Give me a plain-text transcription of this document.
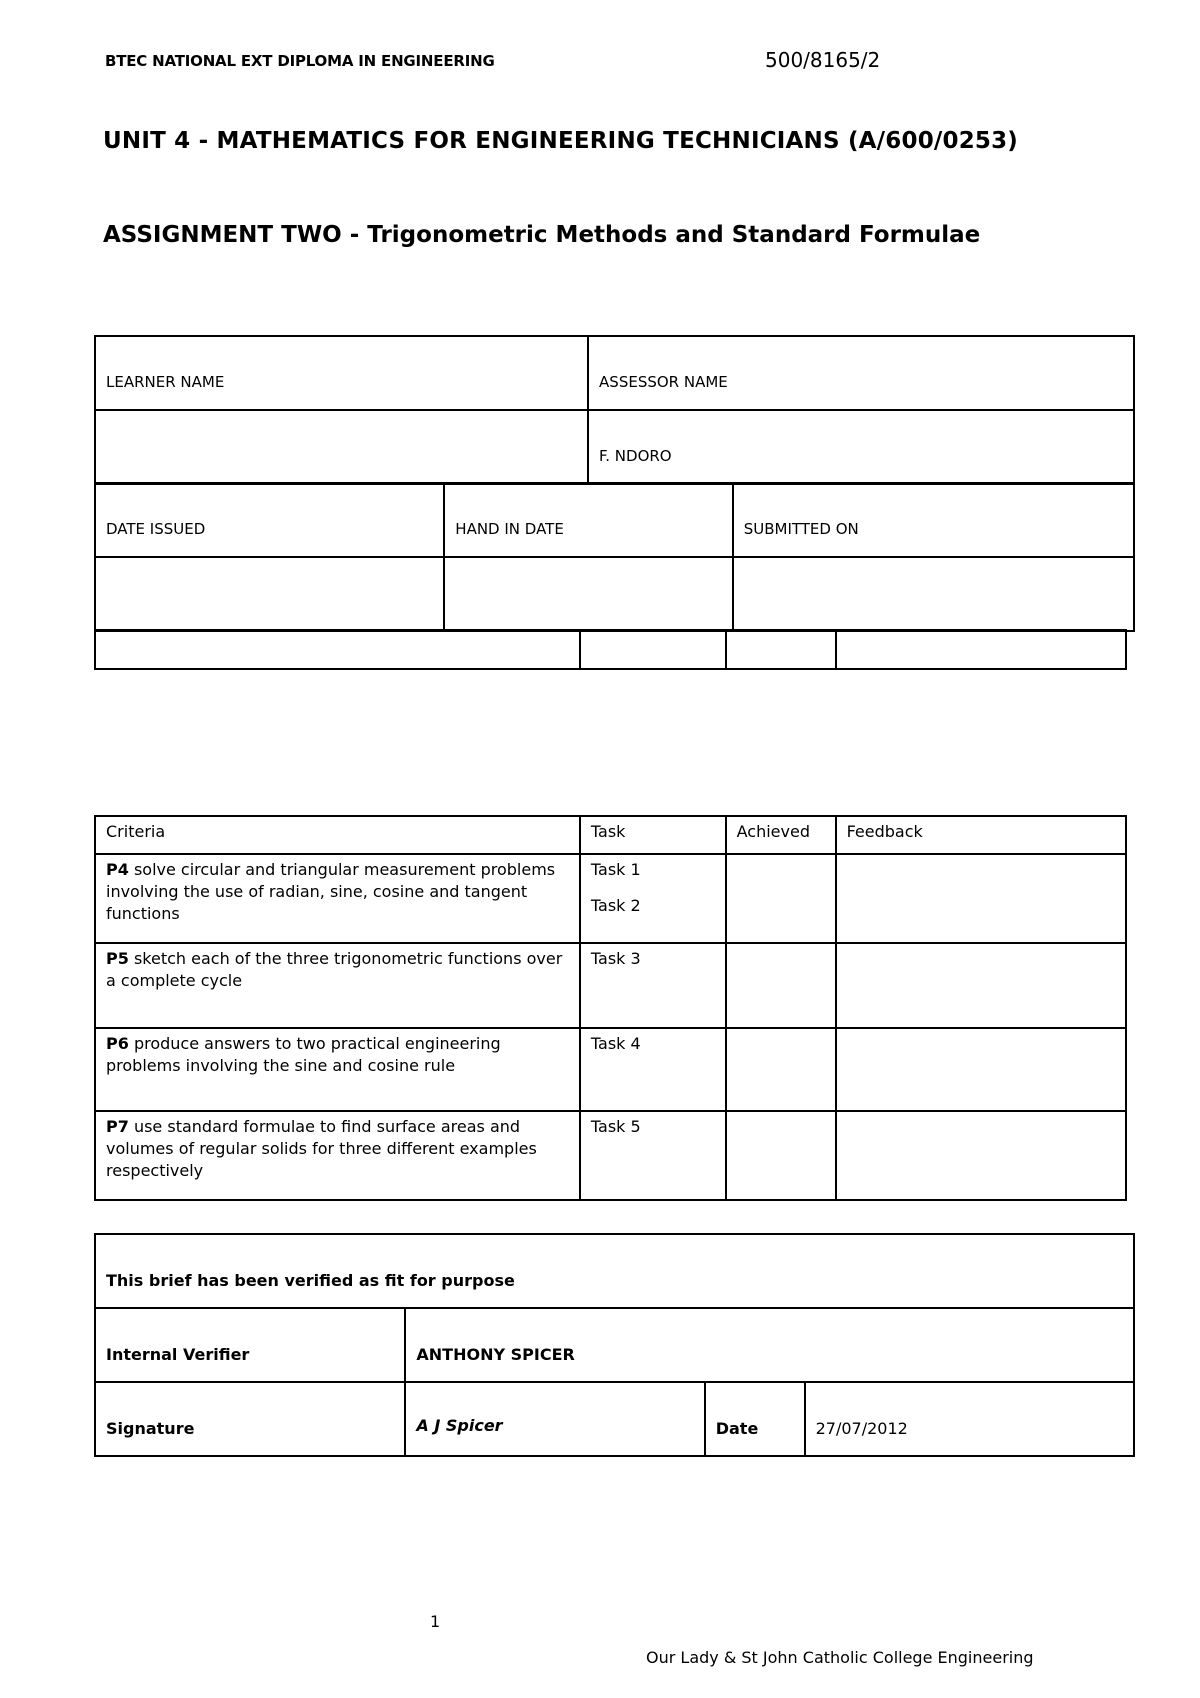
BTEC NATIONAL EXT DIPLOMA IN ENGINEERING	500/8165/2
UNIT 4 - MATHEMATICS FOR ENGINEERING TECHNICIANS (A/600/0253)
ASSIGNMENT TWO - Trigonometric Methods and Standard Formulae
LEARNER NAME	ASSESSOR NAME
	F. NDORO
DATE ISSUED	HAND IN DATE	SUBMITTED ON

Criteria	Task	Achieved	Feedback
P4 solve circular and triangular measurement problems involving the use of radian, sine, cosine and tangent functions	Task 1
Task 2		

P5 sketch each of the three trigonometric functions over a complete cycle	Task 3		

P6 produce answers to two practical engineering problems involving the sine and cosine rule	Task 4		

P7 use standard formulae to find surface areas and volumes of regular solids for three different examples respectively	Task 5		

This brief has been verified as fit for purpose			
Internal Verifier	ANTHONY SPICER		
Signature	A J Spicer	Date	27/07/2012
1
Our Lady & St John Catholic College Engineering
